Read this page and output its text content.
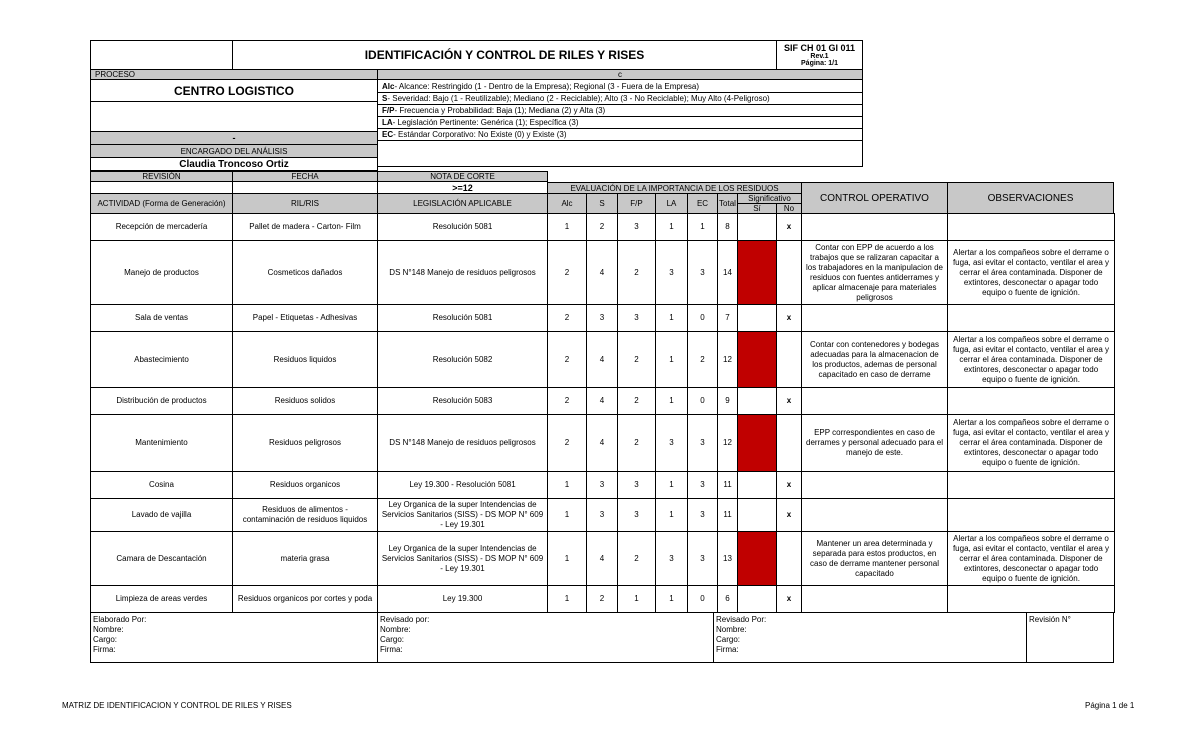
IDENTIFICACIÓN Y CONTROL DE RILES Y RISES	SIF CH 01 GI 011
Rev.1
Página: 1/1
PROCESO	c
CENTRO LOGISTICO	Alc - Alcance: Restringido (1 - Dentro de la Empresa); Regional (3 - Fuera de la Empresa)
S - Severidad: Bajo (1 - Reutilizable); Mediano (2 - Reciclable); Alto (3 - No Reciclable); Muy Alto (4-Peligroso)
F/P - Frecuencia y Probabilidad: Baja (1); Mediana (2) y Alta (3)
LA - Legislación Pertinente: Genérica (1); Específica (3)
EC - Estándar Corporativo: No Existe (0) y Existe (3)
-
ENCARGADO DEL ANÁLISIS
Claudia Troncoso Ortiz
REVISIÓN	FECHA	NOTA DE CORTE
>=12
ACTIVIDAD (Forma de Generación)	RIL/RIS	LEGISLACIÓN APLICABLE
EVALUACIÓN DE LA IMPORTANCIA DE LOS RESIDUOS
Alc	S	F/P	LA	EC	Total
Significativo
Sí	No
CONTROL OPERATIVO	OBSERVACIONES
Recepción de mercadería	Pallet de madera - Carton- Film	Resolución 5081	1	2	3	1	1	8		x		
Manejo de productos	Cosmeticos dañados	DS N°148 Manejo de residuos peligrosos	2	4	2	3	3	14			Contar con EPP de acuerdo a los trabajos que se ralizaran capacitar a los trabajadores en la manipulacion de residuos con fuentes antiderrames y aplicar almacenaje para materiales peligrosos	Alertar a los compañeos sobre el derrame o fuga, asi evitar el contacto, ventilar el area y cerrar el área contaminada. Disponer de extintores, desconectar o apagar todo equipo o fuente de ignición.
Sala de ventas	Papel - Etiquetas - Adhesivas	Resolución 5081	2	3	3	1	0	7		x		
Abastecimiento	Residuos liquidos	Resolución 5082	2	4	2	1	2	12			Contar con contenedores y bodegas adecuadas para la almacenacion de los productos, ademas de personal capacitado en caso de derrame	Alertar a los compañeos sobre el derrame o fuga, asi evitar el contacto, ventilar el area y cerrar el área contaminada. Disponer de extintores, desconectar o apagar todo equipo o fuente de ignición.
Distribución de productos	Residuos solidos	Resolución 5083	2	4	2	1	0	9		x		
Mantenimiento	Residuos peligrosos	DS N°148 Manejo de residuos peligrosos	2	4	2	3	3	12			EPP correspondientes en caso de derrames y personal adecuado para el manejo de este.	Alertar a los compañeos sobre el derrame o fuga, asi evitar el contacto, ventilar el area y cerrar el área contaminada. Disponer de extintores, desconectar o apagar todo equipo o fuente de ignición.
Cosina	Residuos organicos	Ley 19.300 - Resolución 5081	1	3	3	1	3	11		x		
Lavado de vajilla	Residuos de alimentos - contaminación de residuos liquidos	Ley Organica de la super Intendencias de Servicios Sanitarios (SISS) - DS MOP N° 609 - Ley 19.301	1	3	3	1	3	11		x		
Camara de Descantación	materia grasa	Ley Organica de la super Intendencias de Servicios Sanitarios (SISS) - DS MOP N° 609 - Ley 19.301	1	4	2	3	3	13			Mantener un area determinada y separada para estos productos, en caso de derrame mantener personal capacitado	Alertar a los compañeos sobre el derrame o fuga, asi evitar el contacto, ventilar el area y cerrar el área contaminada. Disponer de extintores, desconectar o apagar todo equipo o fuente de ignición.
Limpieza de areas verdes	Residuos organicos por cortes y poda	Ley 19.300	1	2	1	1	0	6		x		
Elaborado Por:
Nombre:
Cargo:
Firma:
Revisado por:
Nombre:
Cargo:
Firma:
Revisado Por:
Nombre:
Cargo:
Firma:
Revisión N°
MATRIZ DE IDENTIFICACION Y CONTROL DE RILES Y RISES	Página 1 de 1
